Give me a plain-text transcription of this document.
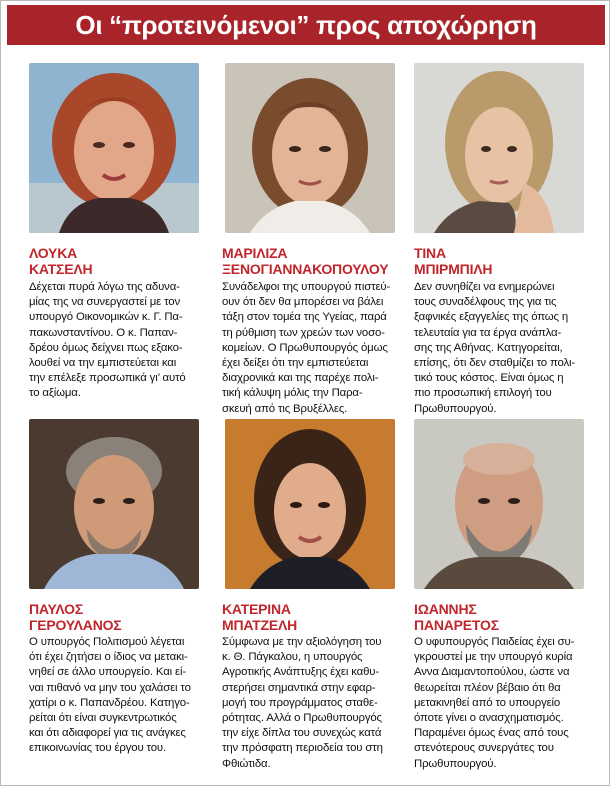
Οι “προτεινόμενοι” προς αποχώρηση
ΛΟΥΚΑ
ΚΑΤΣΕΛΗ
Δέχεται πυρά λόγω της αδυνα-
μίας της να συνεργαστεί με τον
υπουργό Οικονομικών κ. Γ. Πα-
πακωνσταντίνου. Ο κ. Παπαν-
δρέου όμως δείχνει πως εξακο-
λουθεί να την εμπιστεύεται και
την επέλεξε προσωπικά γι’ αυτό
το αξίωμα.
ΜΑΡΙΛΙΖΑ
ΞΕΝΟΓΙΑΝΝΑΚΟΠΟΥΛΟΥ
Συνάδελφοι της υπουργού πιστεύ-
ουν ότι δεν θα μπορέσει να βάλει
τάξη στον τομέα της Υγείας, παρά
τη ρύθμιση των χρεών των νοσο-
κομείων. Ο Πρωθυπουργός όμως
έχει δείξει ότι την εμπιστεύεται
διαχρονικά και της παρέχε πολι-
τική κάλυψη μόλις την Παρα-
σκευή από τις Βρυξέλλες.
ΤΙΝΑ
ΜΠΙΡΜΠΙΛΗ
Δεν συνηθίζει να ενημερώνει
τους συναδέλφους της για τις
ξαφνικές εξαγγελίες της όπως η
τελευταία για τα έργα ανάπλα-
σης της Αθήνας. Κατηγορείται,
επίσης, ότι δεν σταθμίζει το πολι-
τικό τους κόστος. Είναι όμως η
πιο προσωπική επιλογή του
Πρωθυπουργού.
ΠΑΥΛΟΣ
ΓΕΡΟΥΛΑΝΟΣ
Ο υπουργός Πολιτισμού λέγεται
ότι έχει ζητήσει ο ίδιος να μετακι-
νηθεί σε άλλο υπουργείο. Και εί-
ναι πιθανό να μην του χαλάσει το
χατίρι ο κ. Παπανδρέου. Κατηγο-
ρείται ότι είναι συγκεντρωτικός
και ότι αδιαφορεί για τις ανάγκες
επικοινωνίας του έργου του.
ΚΑΤΕΡΙΝΑ
ΜΠΑΤΖΕΛΗ
Σύμφωνα με την αξιολόγηση του
κ. Θ. Πάγκαλου, η υπουργός
Αγροτικής Ανάπτυξης έχει καθυ-
στερήσει σημαντικά στην εφαρ-
μογή του προγράμματος σταθε-
ρότητας. Αλλά ο Πρωθυπουργός
την είχε δίπλα του συνεχώς κατά
την πρόσφατη περιοδεία του στη
Φθιώτιδα.
ΙΩΑΝΝΗΣ
ΠΑΝΑΡΕΤΟΣ
Ο υφυπουργός Παιδείας έχει συ-
γκρουστεί με την υπουργό κυρία
Αννα Διαμαντοπούλου, ώστε να
θεωρείται πλέον βέβαιο ότι θα
μετακινηθεί από το υπουργείο
όποτε γίνει ο ανασχηματισμός.
Παραμένει όμως ένας από τους
στενότερους συνεργάτες του
Πρωθυπουργού.
